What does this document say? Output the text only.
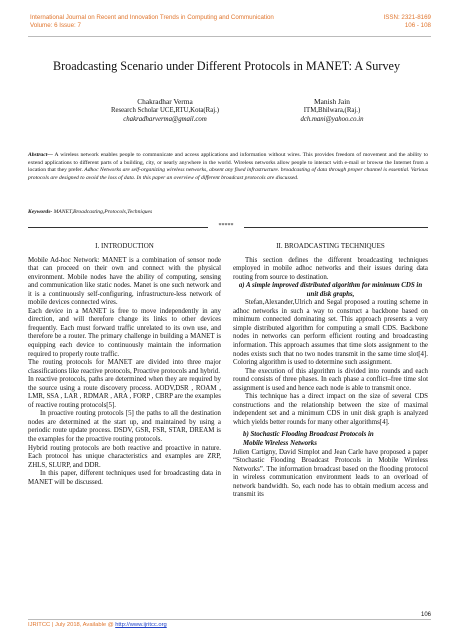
International Journal on Recent and Innovation Trends in Computing and Communication
Volume: 6 Issue: 7
ISSN: 2321-8169
106 - 108
Broadcasting Scenario under Different Protocols in MANET: A Survey
Chakradhar Verma
Research Scholar UCE,RTU,Kota(Raj.)
chakradharverma@gmail.com
Manish Jain
ITM,Bhilwara,(Raj.)
dch.mani@yahoo.co.in
Abstract— A wireless network enables people to communicate and access applications and information without wires. This provides freedom of movement and the ability to extend applications to different parts of a building, city, or nearly anywhere in the world. Wireless networks allow people to interact with e-mail or browse the Internet from a location that they prefer. Adhoc Networks are self-organizing wireless networks, absent any fixed infrastructure. broadcasting of data through proper channel is essential. Various protocols are designed to avoid the loss of data. In this paper an overview of different broadcast protocols are discussed.
Keywords- MANET,Broadcasting,Protocols,Techniques
*****

I. INTRODUCTION

Mobile Ad-hoc Network: MANET is a combination of sensor node that can proceed on their own and connect with the physical environment. Mobile nodes have the ability of computing, sensing and communication like static nodes. Manet is one such network and it is a continuously self-configuring, infrastructure-less network of mobile devices connected wires.

Each device in a MANET is free to move independently in any direction, and will therefore change its links to other devices frequently. Each must forward traffic unrelated to its own use, and therefore be a router. The primary challenge in building a MANET is equipping each device to continuously maintain the information required to properly route traffic.

The routing protocols for MANET are divided into three major classifications like reactive protocols, Proactive protocols and hybrid.

In reactive protocols, paths are determined when they are required by the source using a route discovery process. AODV,DSR , ROAM , LMR, SSA , LAR , RDMAR , ARA , FORP , CBRP are the examples of reactive routing protocols[5].

In proactive routing protocols [5] the paths to all the destination nodes are determined at the start up, and maintained by using a periodic route update process. DSDV, GSR, FSR, STAR, DREAM is the examples for the proactive routing protocols.

Hybrid routing protocols are both reactive and proactive in nature. Each protocol has unique characteristics and examples are ZRP, ZHLS, SLURP, and DDR.

In this paper, different techniques used for broadcasting data in MANET will be discussed.

II. BROADCASTING TECHNIQUES

This section defines the different broadcasting techniques employed in mobile adhoc networks and their issues during data routing from source to destination.

a) A simple improved distributed algorithm for minimum CDS in unit disk graphs,

Stefan,Alexander,Ulrich and Segal proposed a routing scheme in adhoc networks in such a way to construct a backbone based on minimum connected dominating set. This approach presents a very simple distributed algorithm for computing a small CDS. Backbone nodes in networks can perform efficient routing and broadcasting information. This approach assumes that time slots assignment to the nodes exists such that no two nodes transmit in the same time slot[4]. Coloring algorithm is used to determine such assignment.

The execution of this algorithm is divided into rounds and each round consists of three phases. In each phase a conflict–free time slot assignment is used and hence each node is able to transmit once.

This technique has a direct impact on the size of several CDS constructions and the relationship between the size of maximal independent set and a minimum CDS in unit disk graph is analyzed which yields better rounds for many other algorithms[4].

b) Stochastic Flooding Broadcast Protocols in

Mobile Wireless Networks

Julien Cartigny, David Simplot and Jean Carle have proposed a paper “Stochastic Flooding Broadcast Protocols in Mobile Wireless Networks”. The information broadcast based on the flooding protocol in wireless communication environment leads to an overload of network bandwidth. So, each node has to obtain medium access and transmit its

106
IJRITCC | July 2018, Available @ http://www.ijritcc.org
